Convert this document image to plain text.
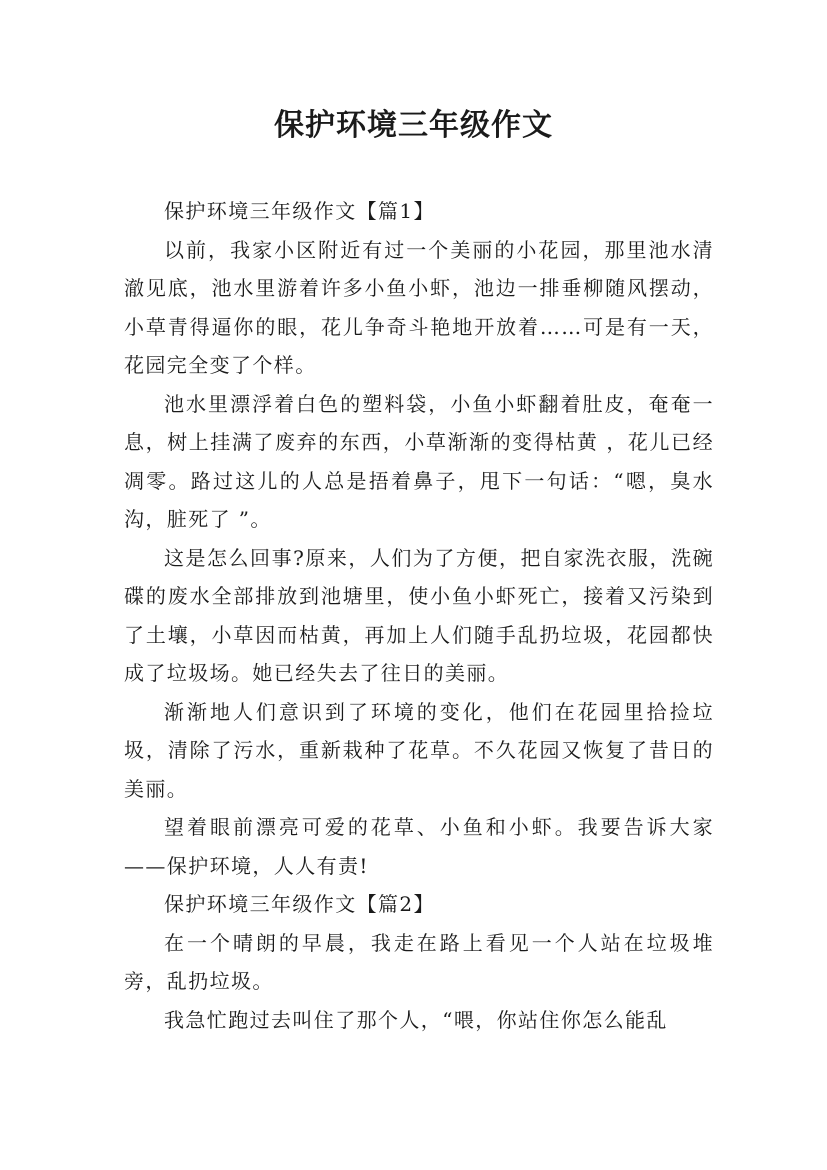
保护环境三年级作文

保护环境三年级作文【篇1】

以前，我家小区附近有过一个美丽的小花园，那里池水清澈见底，池水里游着许多小鱼小虾，池边一排垂柳随风摆动，小草青得逼你的眼，花儿争奇斗艳地开放着……可是有一天，花园完全变了个样。

池水里漂浮着白色的塑料袋，小鱼小虾翻着肚皮，奄奄一息，树上挂满了废弃的东西，小草渐渐的变得枯黄 ，花儿已经凋零。路过这儿的人总是捂着鼻子，甩下一句话：“嗯，臭水沟，脏死了 ”。

这是怎么回事?原来，人们为了方便，把自家洗衣服，洗碗碟的废水全部排放到池塘里，使小鱼小虾死亡，接着又污染到了土壤，小草因而枯黄，再加上人们随手乱扔垃圾，花园都快成了垃圾场。她已经失去了往日的美丽。

渐渐地人们意识到了环境的变化，他们在花园里拾捡垃圾，清除了污水，重新栽种了花草。不久花园又恢复了昔日的美丽。

望着眼前漂亮可爱的花草、小鱼和小虾。我要告诉大家——保护环境，人人有责!

保护环境三年级作文【篇2】

在一个晴朗的早晨，我走在路上看见一个人站在垃圾堆旁，乱扔垃圾。

我急忙跑过去叫住了那个人，“喂，你站住你怎么能乱
